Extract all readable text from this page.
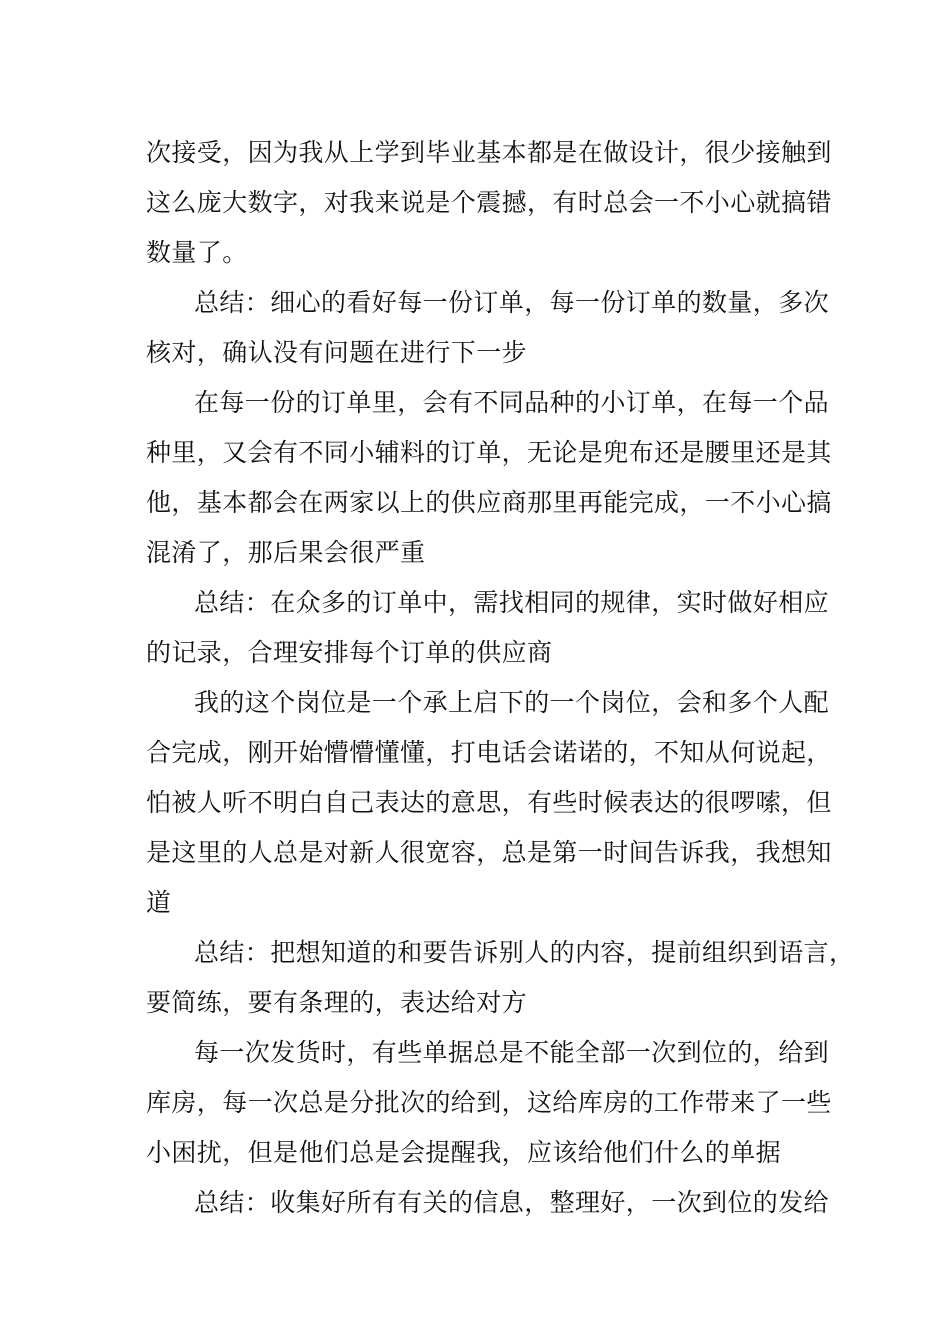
次接受，因为我从上学到毕业基本都是在做设计，很少接触到
这么庞大数字，对我来说是个震撼，有时总会一不小心就搞错
数量了。
总结：细心的看好每一份订单，每一份订单的数量，多次
核对，确认没有问题在进行下一步
在每一份的订单里，会有不同品种的小订单，在每一个品
种里，又会有不同小辅料的订单，无论是兜布还是腰里还是其
他，基本都会在两家以上的供应商那里再能完成，一不小心搞
混淆了，那后果会很严重
总结：在众多的订单中，需找相同的规律，实时做好相应
的记录，合理安排每个订单的供应商
我的这个岗位是一个承上启下的一个岗位，会和多个人配
合完成，刚开始懵懵懂懂，打电话会诺诺的，不知从何说起，
怕被人听不明白自己表达的意思，有些时候表达的很啰嗦，但
是这里的人总是对新人很宽容，总是第一时间告诉我，我想知
道
总结：把想知道的和要告诉别人的内容，提前组织到语言，
要简练，要有条理的，表达给对方
每一次发货时，有些单据总是不能全部一次到位的，给到
库房，每一次总是分批次的给到，这给库房的工作带来了一些
小困扰，但是他们总是会提醒我，应该给他们什么的单据
总结：收集好所有有关的信息，整理好，一次到位的发给
